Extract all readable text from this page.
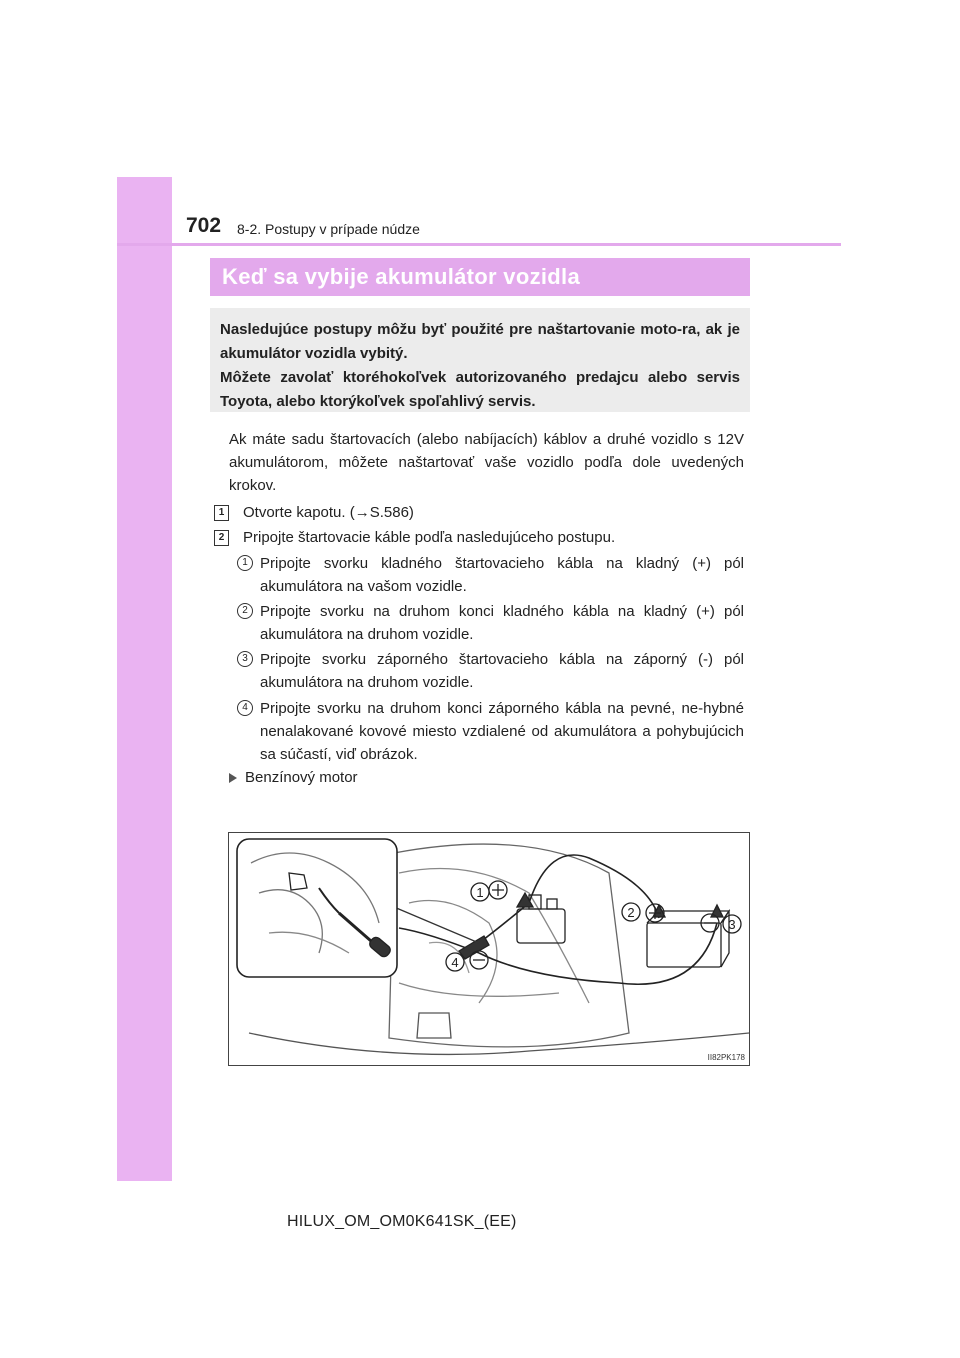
702 8-2. Postupy v prípade núdze
Keď sa vybije akumulátor vozidla

Nasledujúce postupy môžu byť použité pre naštartovanie moto-ra, ak je akumulátor vozidla vybitý.

Môžete zavolať ktoréhokoľvek autorizovaného predajcu alebo servis Toyota, alebo ktorýkoľvek spoľahlivý servis.

Ak máte sadu štartovacích (alebo nabíjacích) káblov a druhé vozidlo s 12V akumulátorom, môžete naštartovať vaše vozidlo podľa dole uvedených krokov.

1	Otvorte kapotu. (→S.586)
2	Pripojte štartovacie káble podľa nasledujúceho postupu.
1 Pripojte svorku kladného štartovacieho kábla na kladný (+) pól akumulátora na vašom vozidle.
2 Pripojte svorku na druhom konci kladného kábla na kladný (+) pól akumulátora na druhom vozidle.
3 Pripojte svorku záporného štartovacieho kábla na záporný (-) pól akumulátora na druhom vozidle.
4 Pripojte svorku na druhom konci záporného kábla na pevné, ne-hybné nenalakované kovové miesto vzdialené od akumulátora a pohybujúcich sa súčastí, viď obrázok.
Benzínový motor
1
2
3
4
II82PK178
HILUX_OM_OM0K641SK_(EE)
